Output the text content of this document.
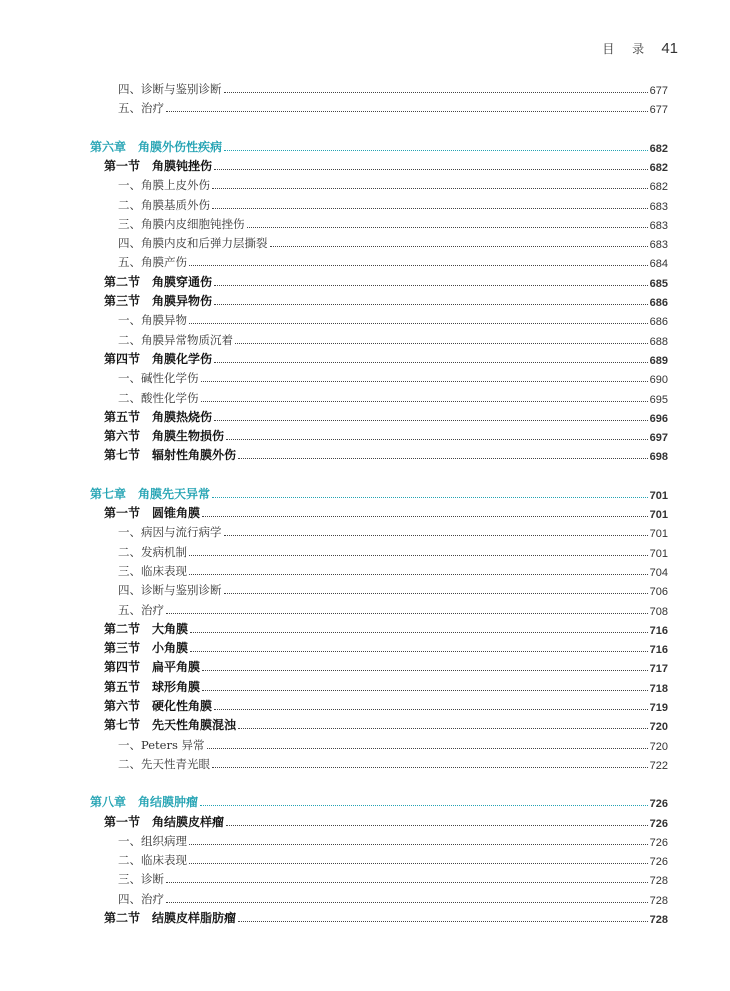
目 录 41
四、诊断与鉴别诊断	677
五、治疗	677
第六章　角膜外伤性疾病	682
第一节　角膜钝挫伤	682
一、角膜上皮外伤	682
二、角膜基质外伤	683
三、角膜内皮细胞钝挫伤	683
四、角膜内皮和后弹力层撕裂	683
五、角膜产伤	684
第二节　角膜穿通伤	685
第三节　角膜异物伤	686
一、角膜异物	686
二、角膜异常物质沉着	688
第四节　角膜化学伤	689
一、碱性化学伤	690
二、酸性化学伤	695
第五节　角膜热烧伤	696
第六节　角膜生物损伤	697
第七节　辐射性角膜外伤	698
第七章　角膜先天异常	701
第一节　圆锥角膜	701
一、病因与流行病学	701
二、发病机制	701
三、临床表现	704
四、诊断与鉴别诊断	706
五、治疗	708
第二节　大角膜	716
第三节　小角膜	716
第四节　扁平角膜	717
第五节　球形角膜	718
第六节　硬化性角膜	719
第七节　先天性角膜混浊	720
一、Peters 异常	720
二、先天性青光眼	722
第八章　角结膜肿瘤	726
第一节　角结膜皮样瘤	726
一、组织病理	726
二、临床表现	726
三、诊断	728
四、治疗	728
第二节　结膜皮样脂肪瘤	728
